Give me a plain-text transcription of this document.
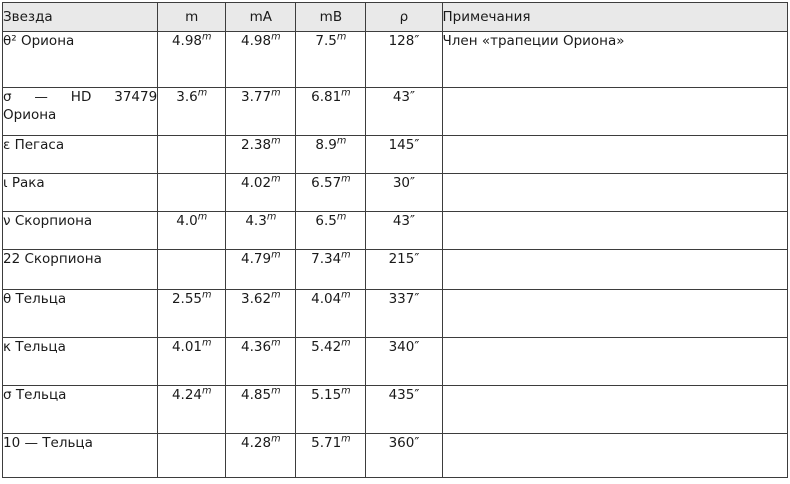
Звезда	m	mA	mB	ρ	Примечания
θ² Ориона	4.98$^m$	4.98$^m$	7.5$^m$	128″	Член «трапеции Ориона»

σ — HD 37479 Ориона	3.6$^m$	3.77$^m$	6.81$^m$	43″	
ε Пегаса		2.38$^m$	8.9$^m$	145″	
ι Рака		4.02$^m$	6.57$^m$	30″	
ν Скорпиона	4.0$^m$	4.3$^m$	6.5$^m$	43″	
22 Скорпиона		4.79$^m$	7.34$^m$	215″	
θ Тельца	2.55$^m$	3.62$^m$	4.04$^m$	337″	
κ Тельца	4.01$^m$	4.36$^m$	5.42$^m$	340″	
σ Тельца	4.24$^m$	4.85$^m$	5.15$^m$	435″	
10 — Тельца		4.28$^m$	5.71$^m$	360″	
